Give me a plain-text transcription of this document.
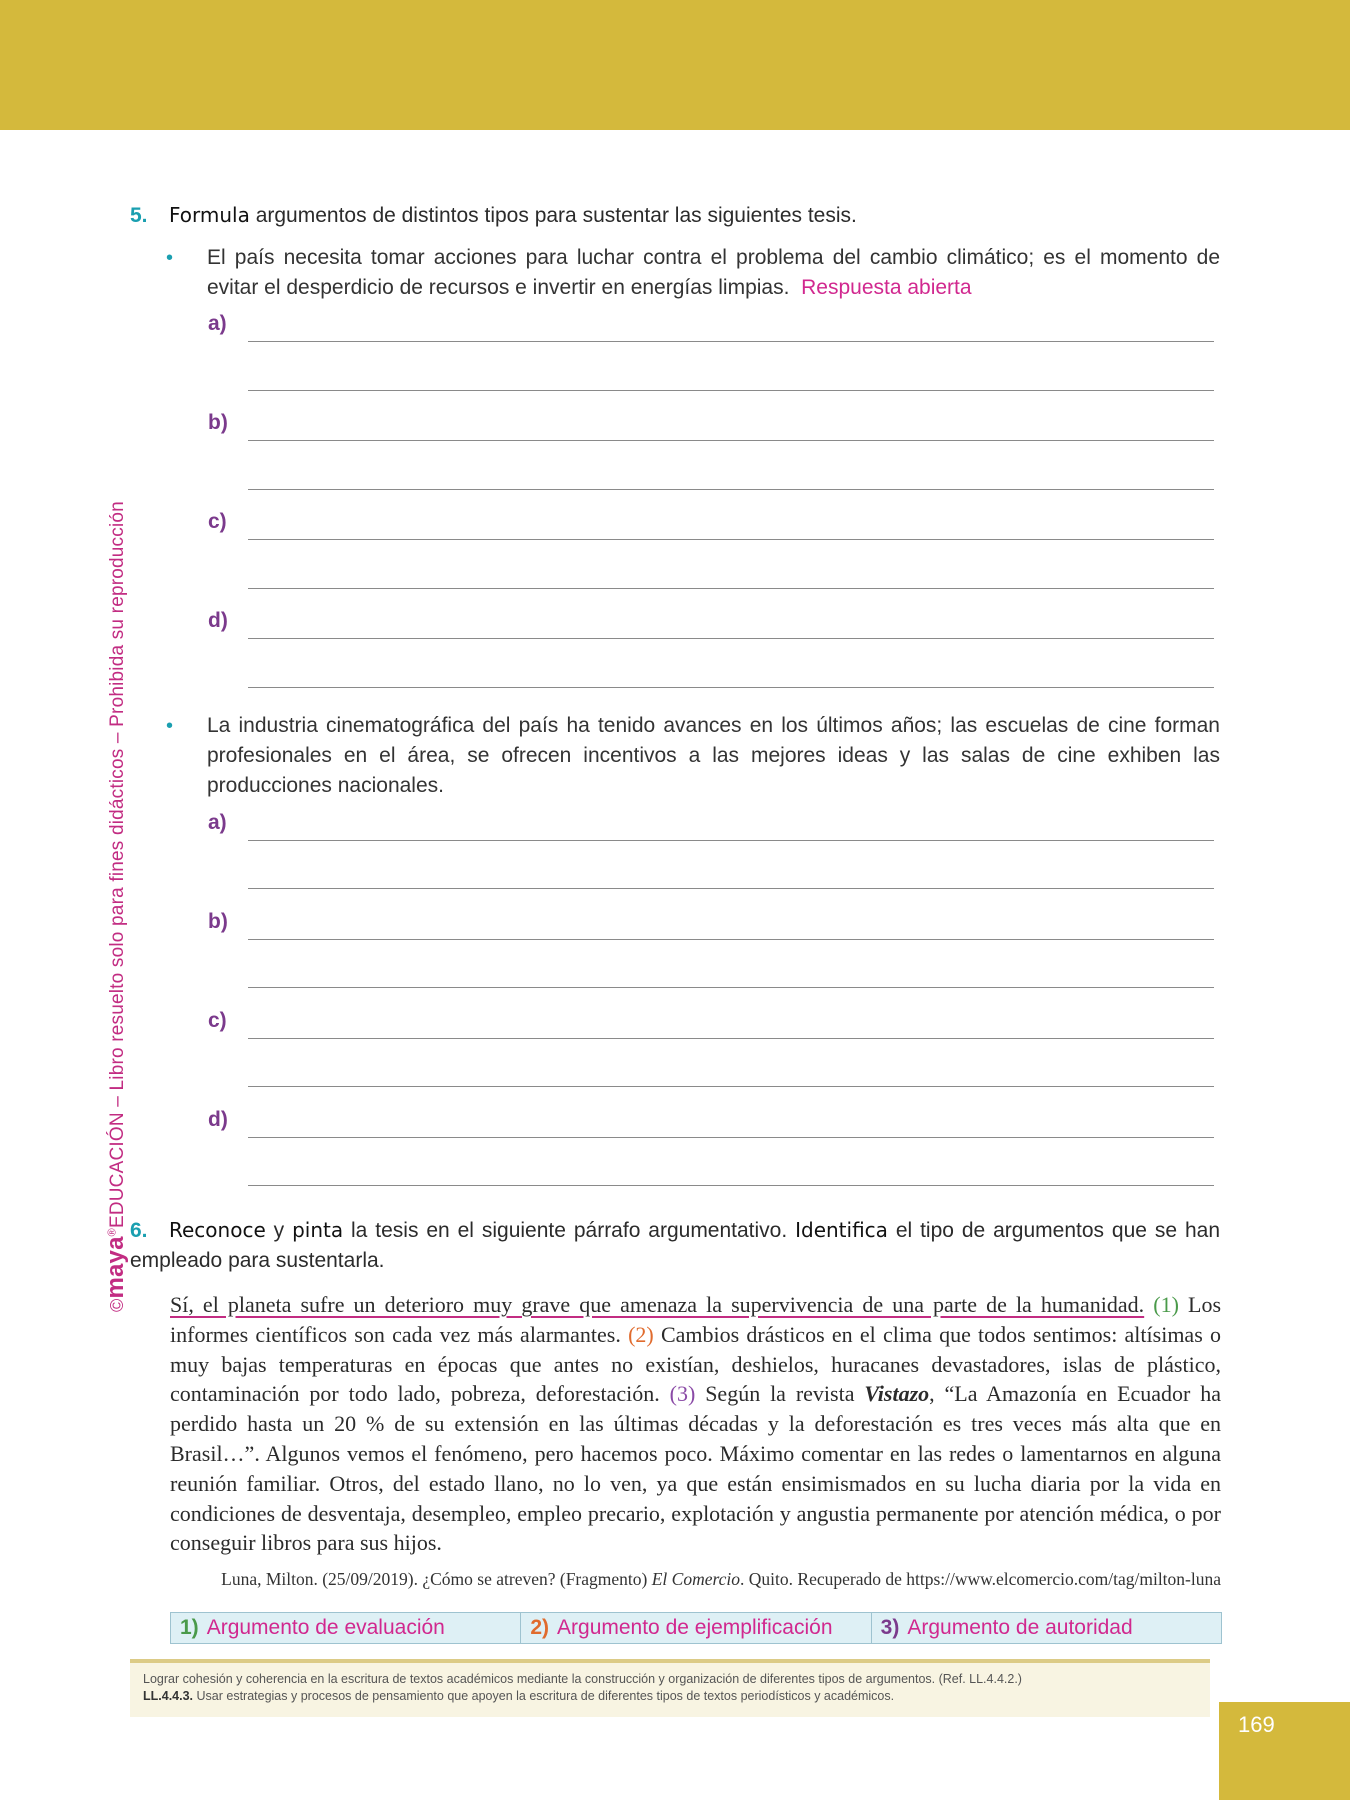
©maya®EDUCACIÓN – Libro resuelto solo para fines didácticos – Prohibida su reproducción
5. Formula argumentos de distintos tipos para sustentar las siguientes tesis.
•	El país necesita tomar acciones para luchar contra el problema del cambio climático; es el momento de evitar el desperdicio de recursos e invertir en energías limpias. Respuesta abierta
a)
b)
c)
d)
•	La industria cinematográfica del país ha tenido avances en los últimos años; las escuelas de cine forman profesionales en el área, se ofrecen incentivos a las mejores ideas y las salas de cine exhiben las producciones nacionales.
a)
b)
c)
d)
6. Reconoce y pinta la tesis en el siguiente párrafo argumentativo. Identifica el tipo de argumentos que se han empleado para sustentarla.
Sí, el planeta sufre un deterioro muy grave que amenaza la supervivencia de una parte de la humanidad. (1) Los informes científicos son cada vez más alarmantes. (2) Cambios drásticos en el clima que todos sentimos: altísimas o muy bajas temperaturas en épocas que antes no existían, deshielos, huracanes devastadores, islas de plástico, contaminación por todo lado, pobreza, deforestación. (3) Según la revista Vistazo, “La Amazonía en Ecuador ha perdido hasta un 20 % de su extensión en las últimas décadas y la deforestación es tres veces más alta que en Brasil…”. Algunos vemos el fenómeno, pero hacemos poco. Máximo comentar en las redes o lamentarnos en alguna reunión familiar. Otros, del estado llano, no lo ven, ya que están ensimismados en su lucha diaria por la vida en condiciones de desventaja, desempleo, empleo precario, explotación y angustia permanente por atención médica, o por conseguir libros para sus hijos.
Luna, Milton. (25/09/2019). ¿Cómo se atreven? (Fragmento) El Comercio. Quito. Recuperado de https://www.elcomercio.com/tag/milton-luna
1) Argumento de evaluación	2) Argumento de ejemplificación 3) Argumento de autoridad
Lograr cohesión y coherencia en la escritura de textos académicos mediante la construcción y organización de diferentes tipos de argumentos. (Ref. LL.4.4.2.)
LL.4.4.3. Usar estrategias y procesos de pensamiento que apoyen la escritura de diferentes tipos de textos periodísticos y académicos.
169
